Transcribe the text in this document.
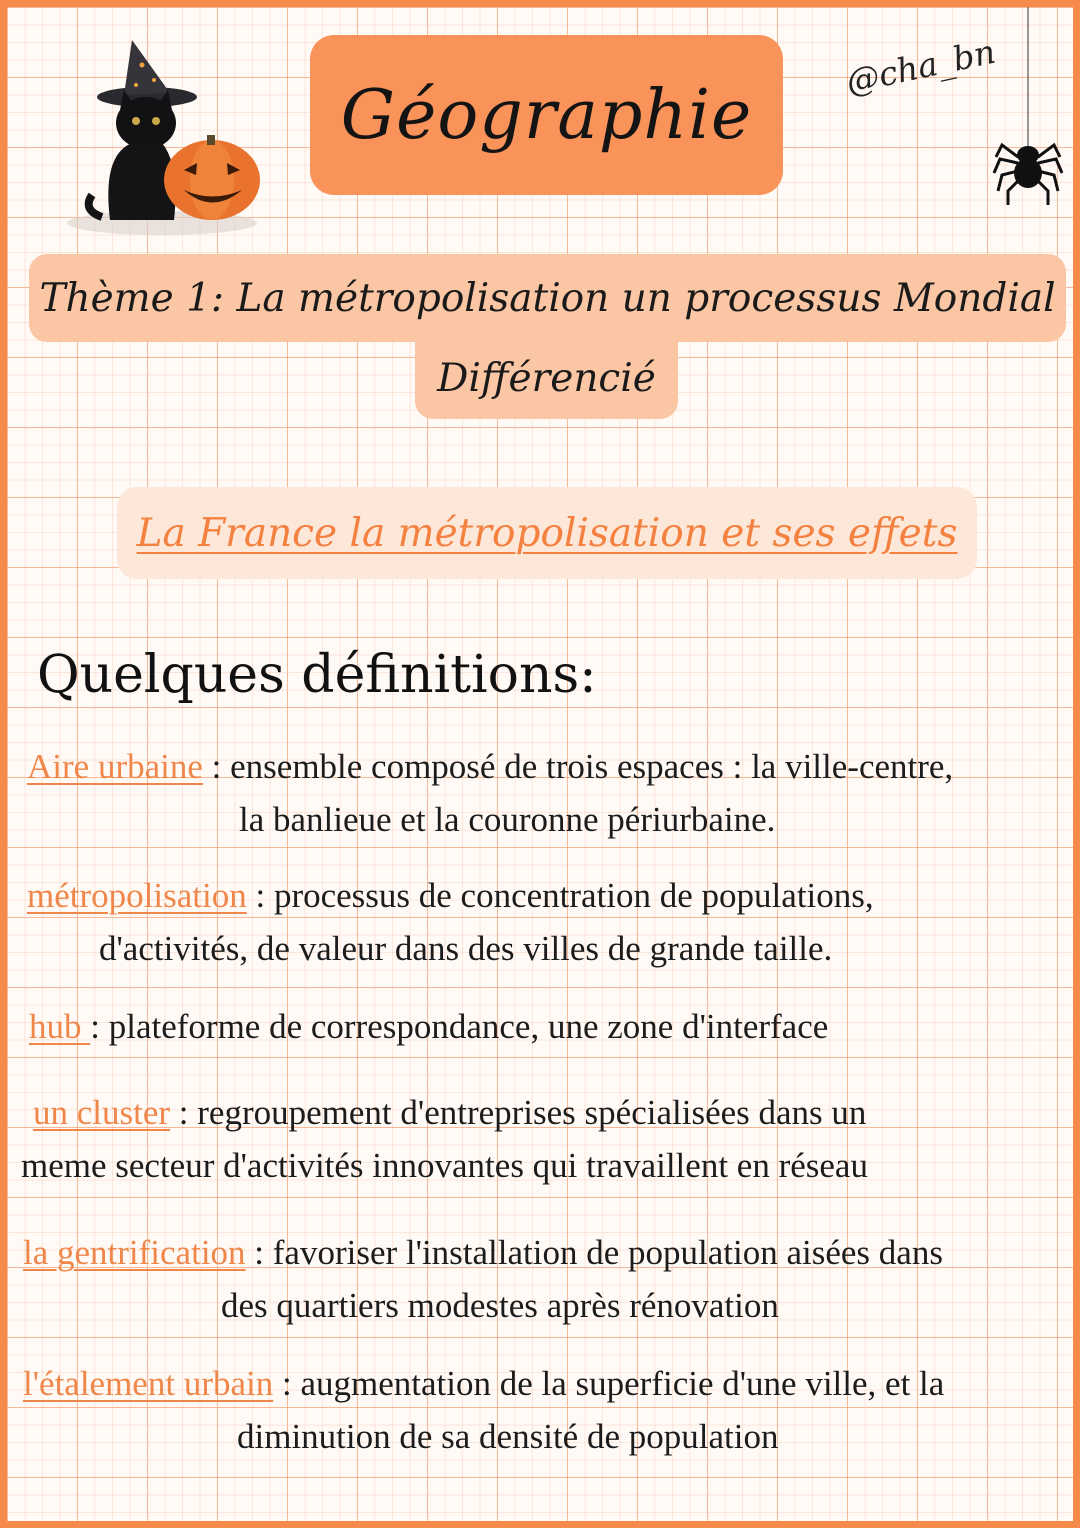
Géographie
@cha_bn
Thème 1: La métropolisation un processus Mondial
Différencié
La France la métropolisation et ses effets
Quelques définitions:
Aire urbaine : ensemble composé de trois espaces : la ville-centre,
la banlieue et la couronne périurbaine.
métropolisation : processus de concentration de populations,
d'activités, de valeur dans des villes de grande taille.
hub : plateforme de correspondance, une zone d'interface
un cluster : regroupement d'entreprises spécialisées dans un
meme secteur d'activités innovantes qui travaillent en réseau
la gentrification : favoriser l'installation de population aisées dans
des quartiers modestes après rénovation
l'étalement urbain : augmentation de la superficie d'une ville, et la
diminution de sa densité de population
